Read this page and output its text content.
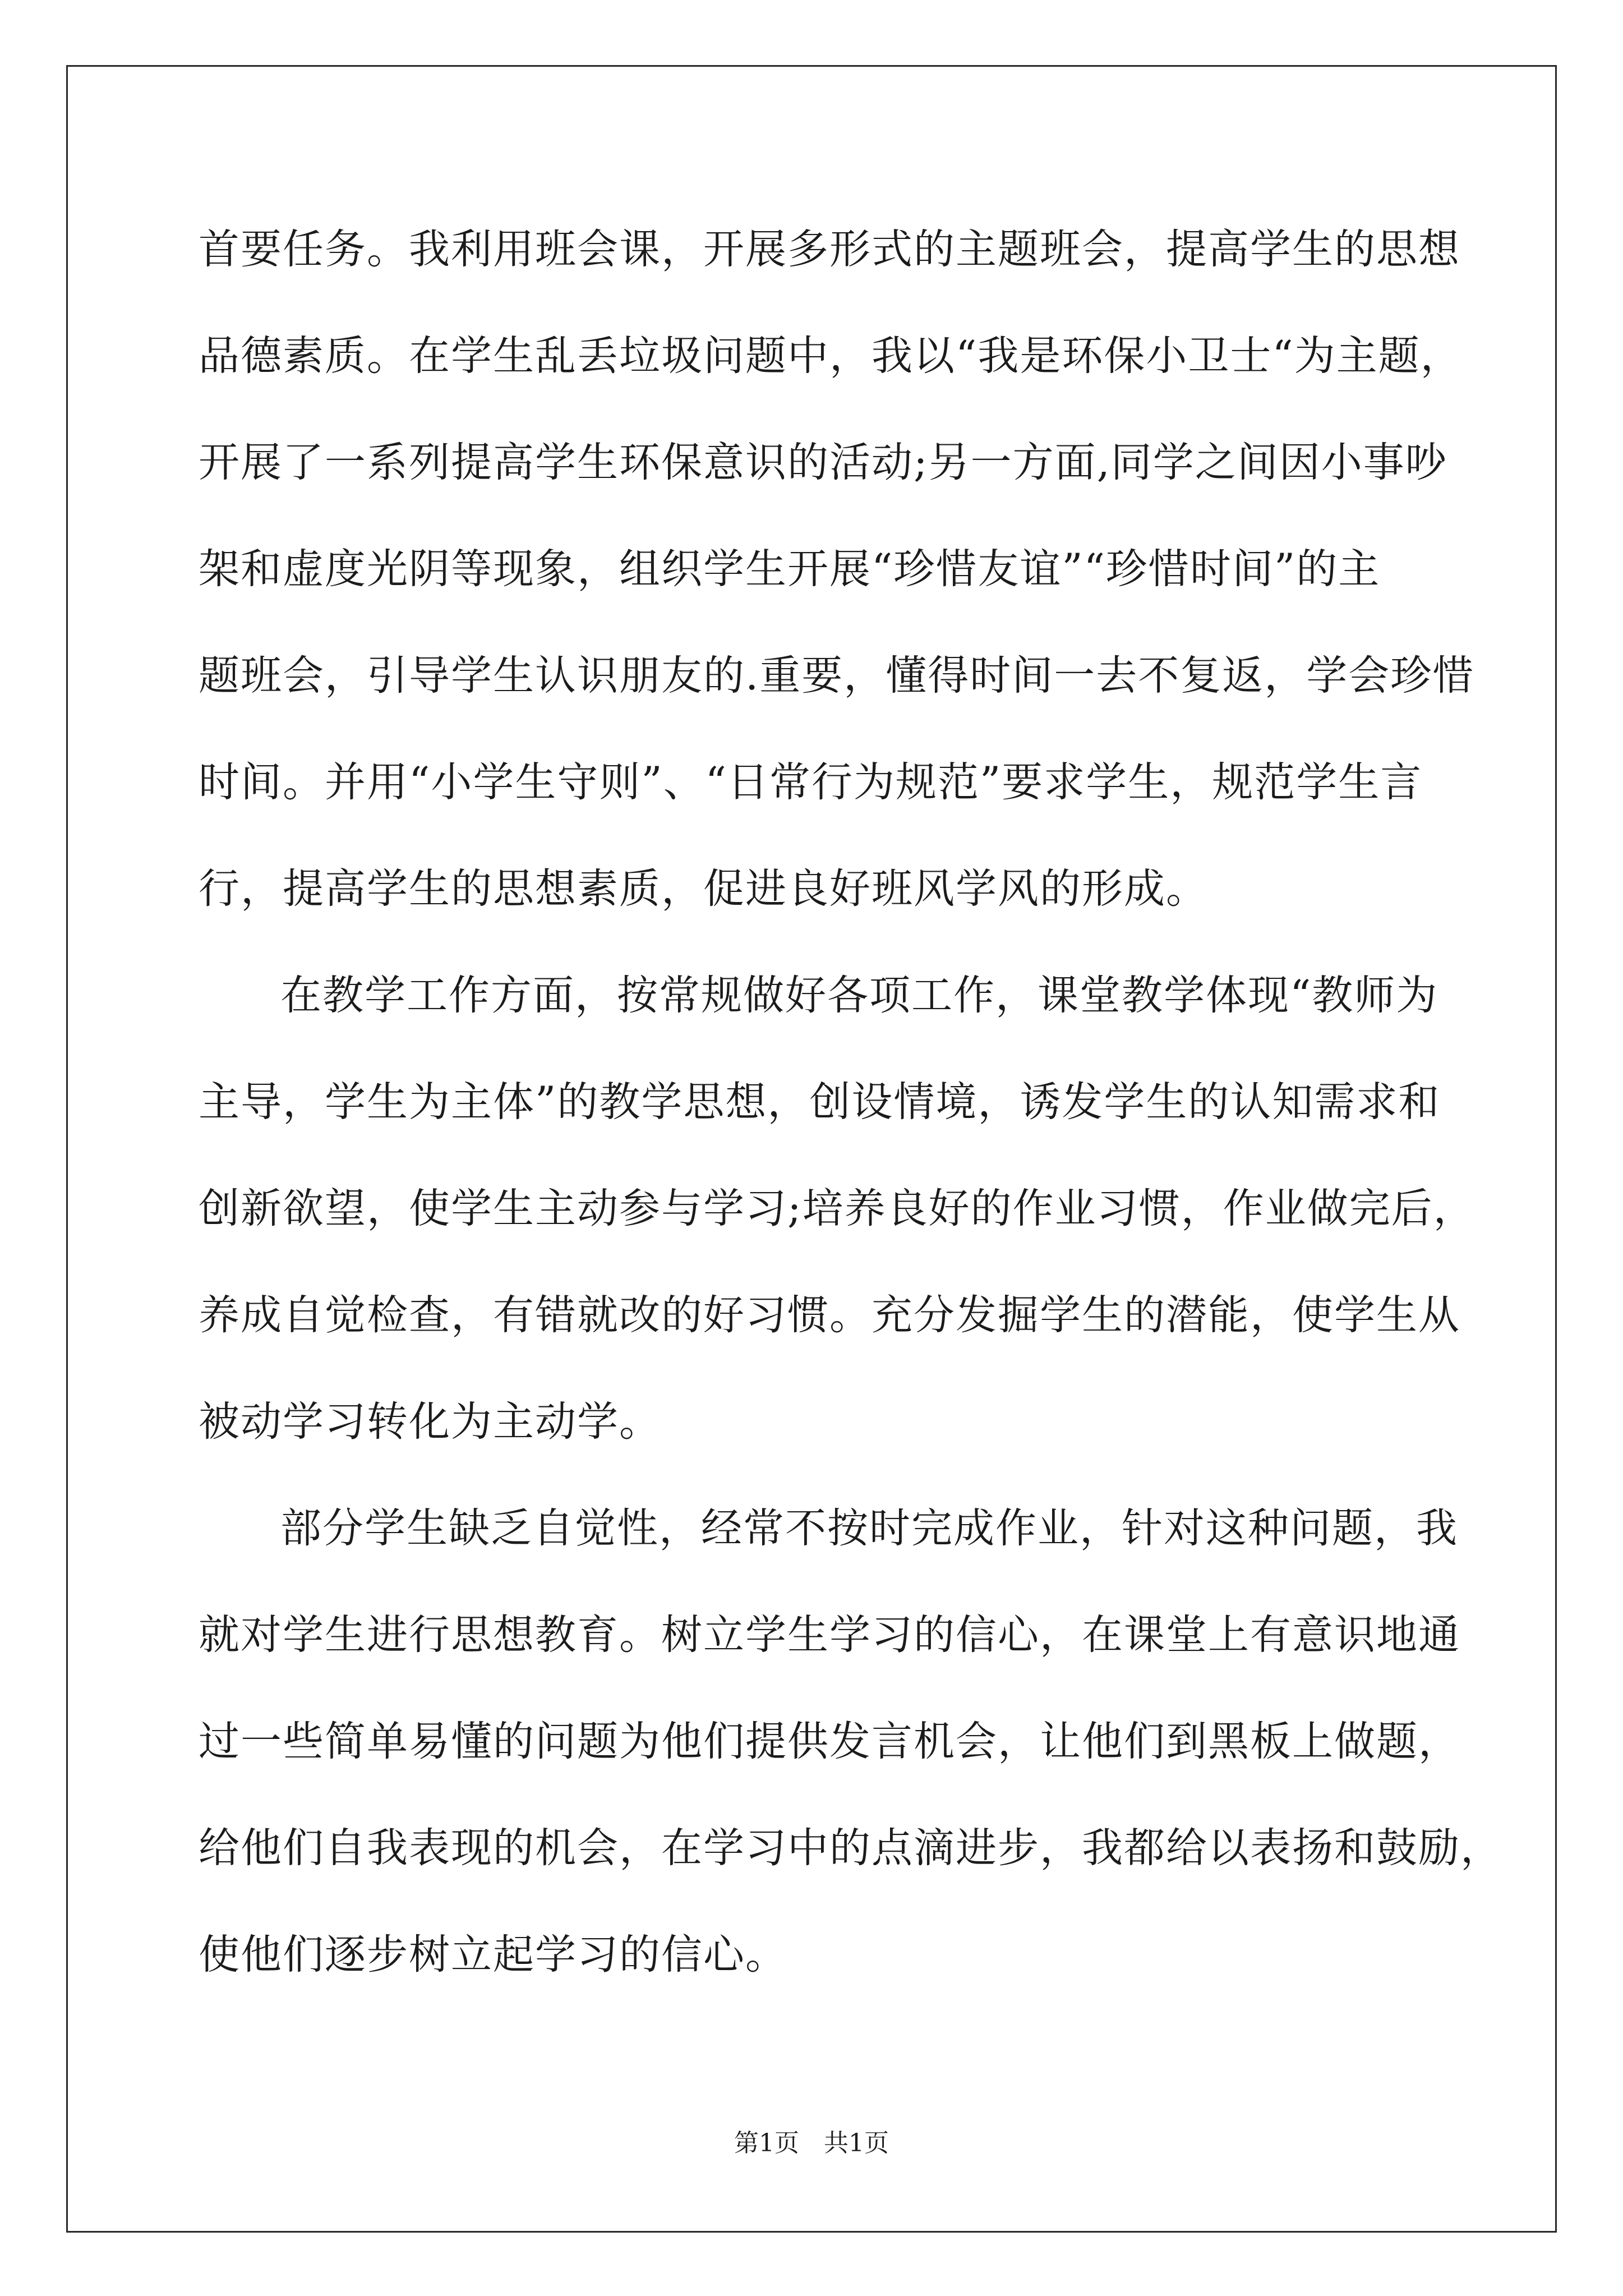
首要任务。我利用班会课，开展多形式的主题班会，提高学生的思想
品德素质。在学生乱丢垃圾问题中，我以“我是环保小卫士“为主题，
开展了一系列提高学生环保意识的活动;另一方面,同学之间因小事吵
架和虚度光阴等现象，组织学生开展“珍惜友谊”“珍惜时间”的主
题班会，引导学生认识朋友的.重要，懂得时间一去不复返，学会珍惜
时间。并用“小学生守则”、“日常行为规范”要求学生，规范学生言
行，提高学生的思想素质，促进良好班风学风的形成。
在教学工作方面，按常规做好各项工作，课堂教学体现“教师为
主导，学生为主体”的教学思想，创设情境，诱发学生的认知需求和
创新欲望，使学生主动参与学习;培养良好的作业习惯，作业做完后，
养成自觉检查，有错就改的好习惯。充分发掘学生的潜能，使学生从
被动学习转化为主动学。
部分学生缺乏自觉性，经常不按时完成作业，针对这种问题，我
就对学生进行思想教育。树立学生学习的信心，在课堂上有意识地通
过一些简单易懂的问题为他们提供发言机会，让他们到黑板上做题，
给他们自我表现的机会，在学习中的点滴进步，我都给以表扬和鼓励，
使他们逐步树立起学习的信心。
第1页　共1页
